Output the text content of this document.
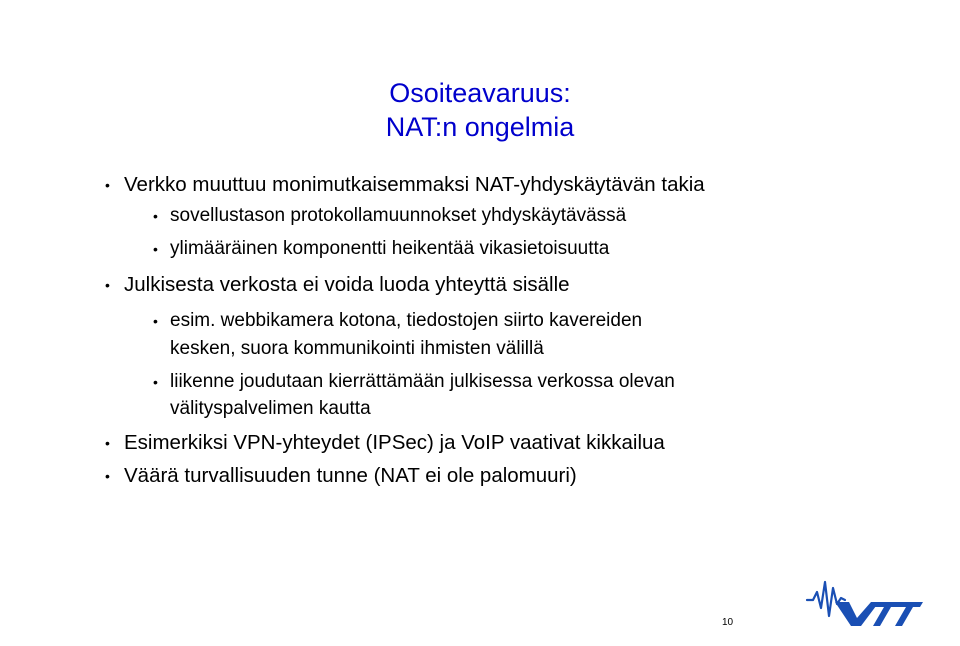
Osoiteavaruus:
NAT:n ongelmia
• Verkko muuttuu monimutkaisemmaksi NAT-yhdyskäytävän takia
• sovellustason protokollamuunnokset yhdyskäytävässä
• ylimääräinen komponentti heikentää vikasietoisuutta
• Julkisesta verkosta ei voida luoda yhteyttä sisälle
• esim. webbikamera kotona, tiedostojen siirto kavereiden
kesken, suora kommunikointi ihmisten välillä
• liikenne joudutaan kierrättämään julkisessa verkossa olevan
välityspalvelimen kautta
• Esimerkiksi VPN-yhteydet (IPSec) ja VoIP vaativat kikkailua
• Väärä turvallisuuden tunne (NAT ei ole palomuuri)
10
